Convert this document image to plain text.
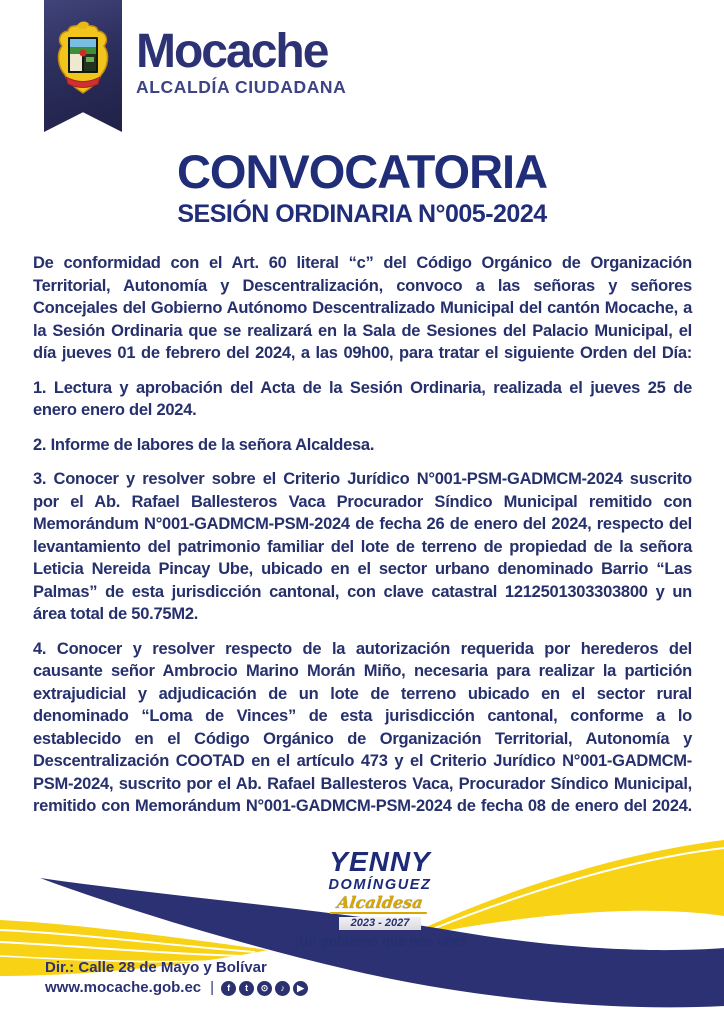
Mocache
ALCALDÍA CIUDADANA
CONVOCATORIA
SESIÓN ORDINARIA N°005-2024

De conformidad con el Art. 60 literal “c” del Código Orgánico de Organización Territorial, Autonomía y Descentralización, convoco a las señoras y señores Concejales del Gobierno Autónomo Descentralizado Municipal del cantón Mocache, a la Sesión Ordinaria que se realizará en la Sala de Sesiones del Palacio Municipal, el día jueves 01 de febrero del 2024, a las 09h00, para tratar el siguiente Orden del Día:

1. Lectura y aprobación del Acta de la Sesión Ordinaria, realizada el jueves 25 de enero enero del 2024.

2. Informe de labores de la señora Alcaldesa.

3. Conocer y resolver sobre el Criterio Jurídico N°001-PSM-GADMCM-2024 suscrito por el Ab. Rafael Ballesteros Vaca Procurador Síndico Municipal remitido con Memorándum N°001-GADMCM-PSM-2024 de fecha 26 de enero del 2024, respecto del levantamiento del patrimonio familiar del lote de terreno de propiedad de la señora Leticia Nereida Pincay Ube, ubicado en el sector urbano denominado Barrio “Las Palmas” de esta jurisdicción cantonal, con clave catastral 1212501303303800 y un área total de 50.75M2.

4. Conocer y resolver respecto de la autorización requerida por herederos del causante señor Ambrocio Marino Morán Miño, necesaria para realizar la partición extrajudicial y adjudicación de un lote de terreno ubicado en el sector rural denominado “Loma de Vinces” de esta jurisdicción cantonal, conforme a lo establecido en el Código Orgánico de Organización Territorial, Autonomía y Descentralización COOTAD en el artículo 473 y el Criterio Jurídico N°001-GADMCM-PSM-2024, suscrito por el Ab. Rafael Ballesteros Vaca, Procurador Síndico Municipal, remitido con Memorándum N°001-GADMCM-PSM-2024 de fecha 08 de enero del 2024.

YENNY
DOMÍNGUEZ
Alcaldesa
2023 - 2027
¡Un gobierno que nos une!
Dir.: Calle 28 de Mayo y Bolívar
www.mocache.gob.ec |	f	t	⊙	♪	▶
